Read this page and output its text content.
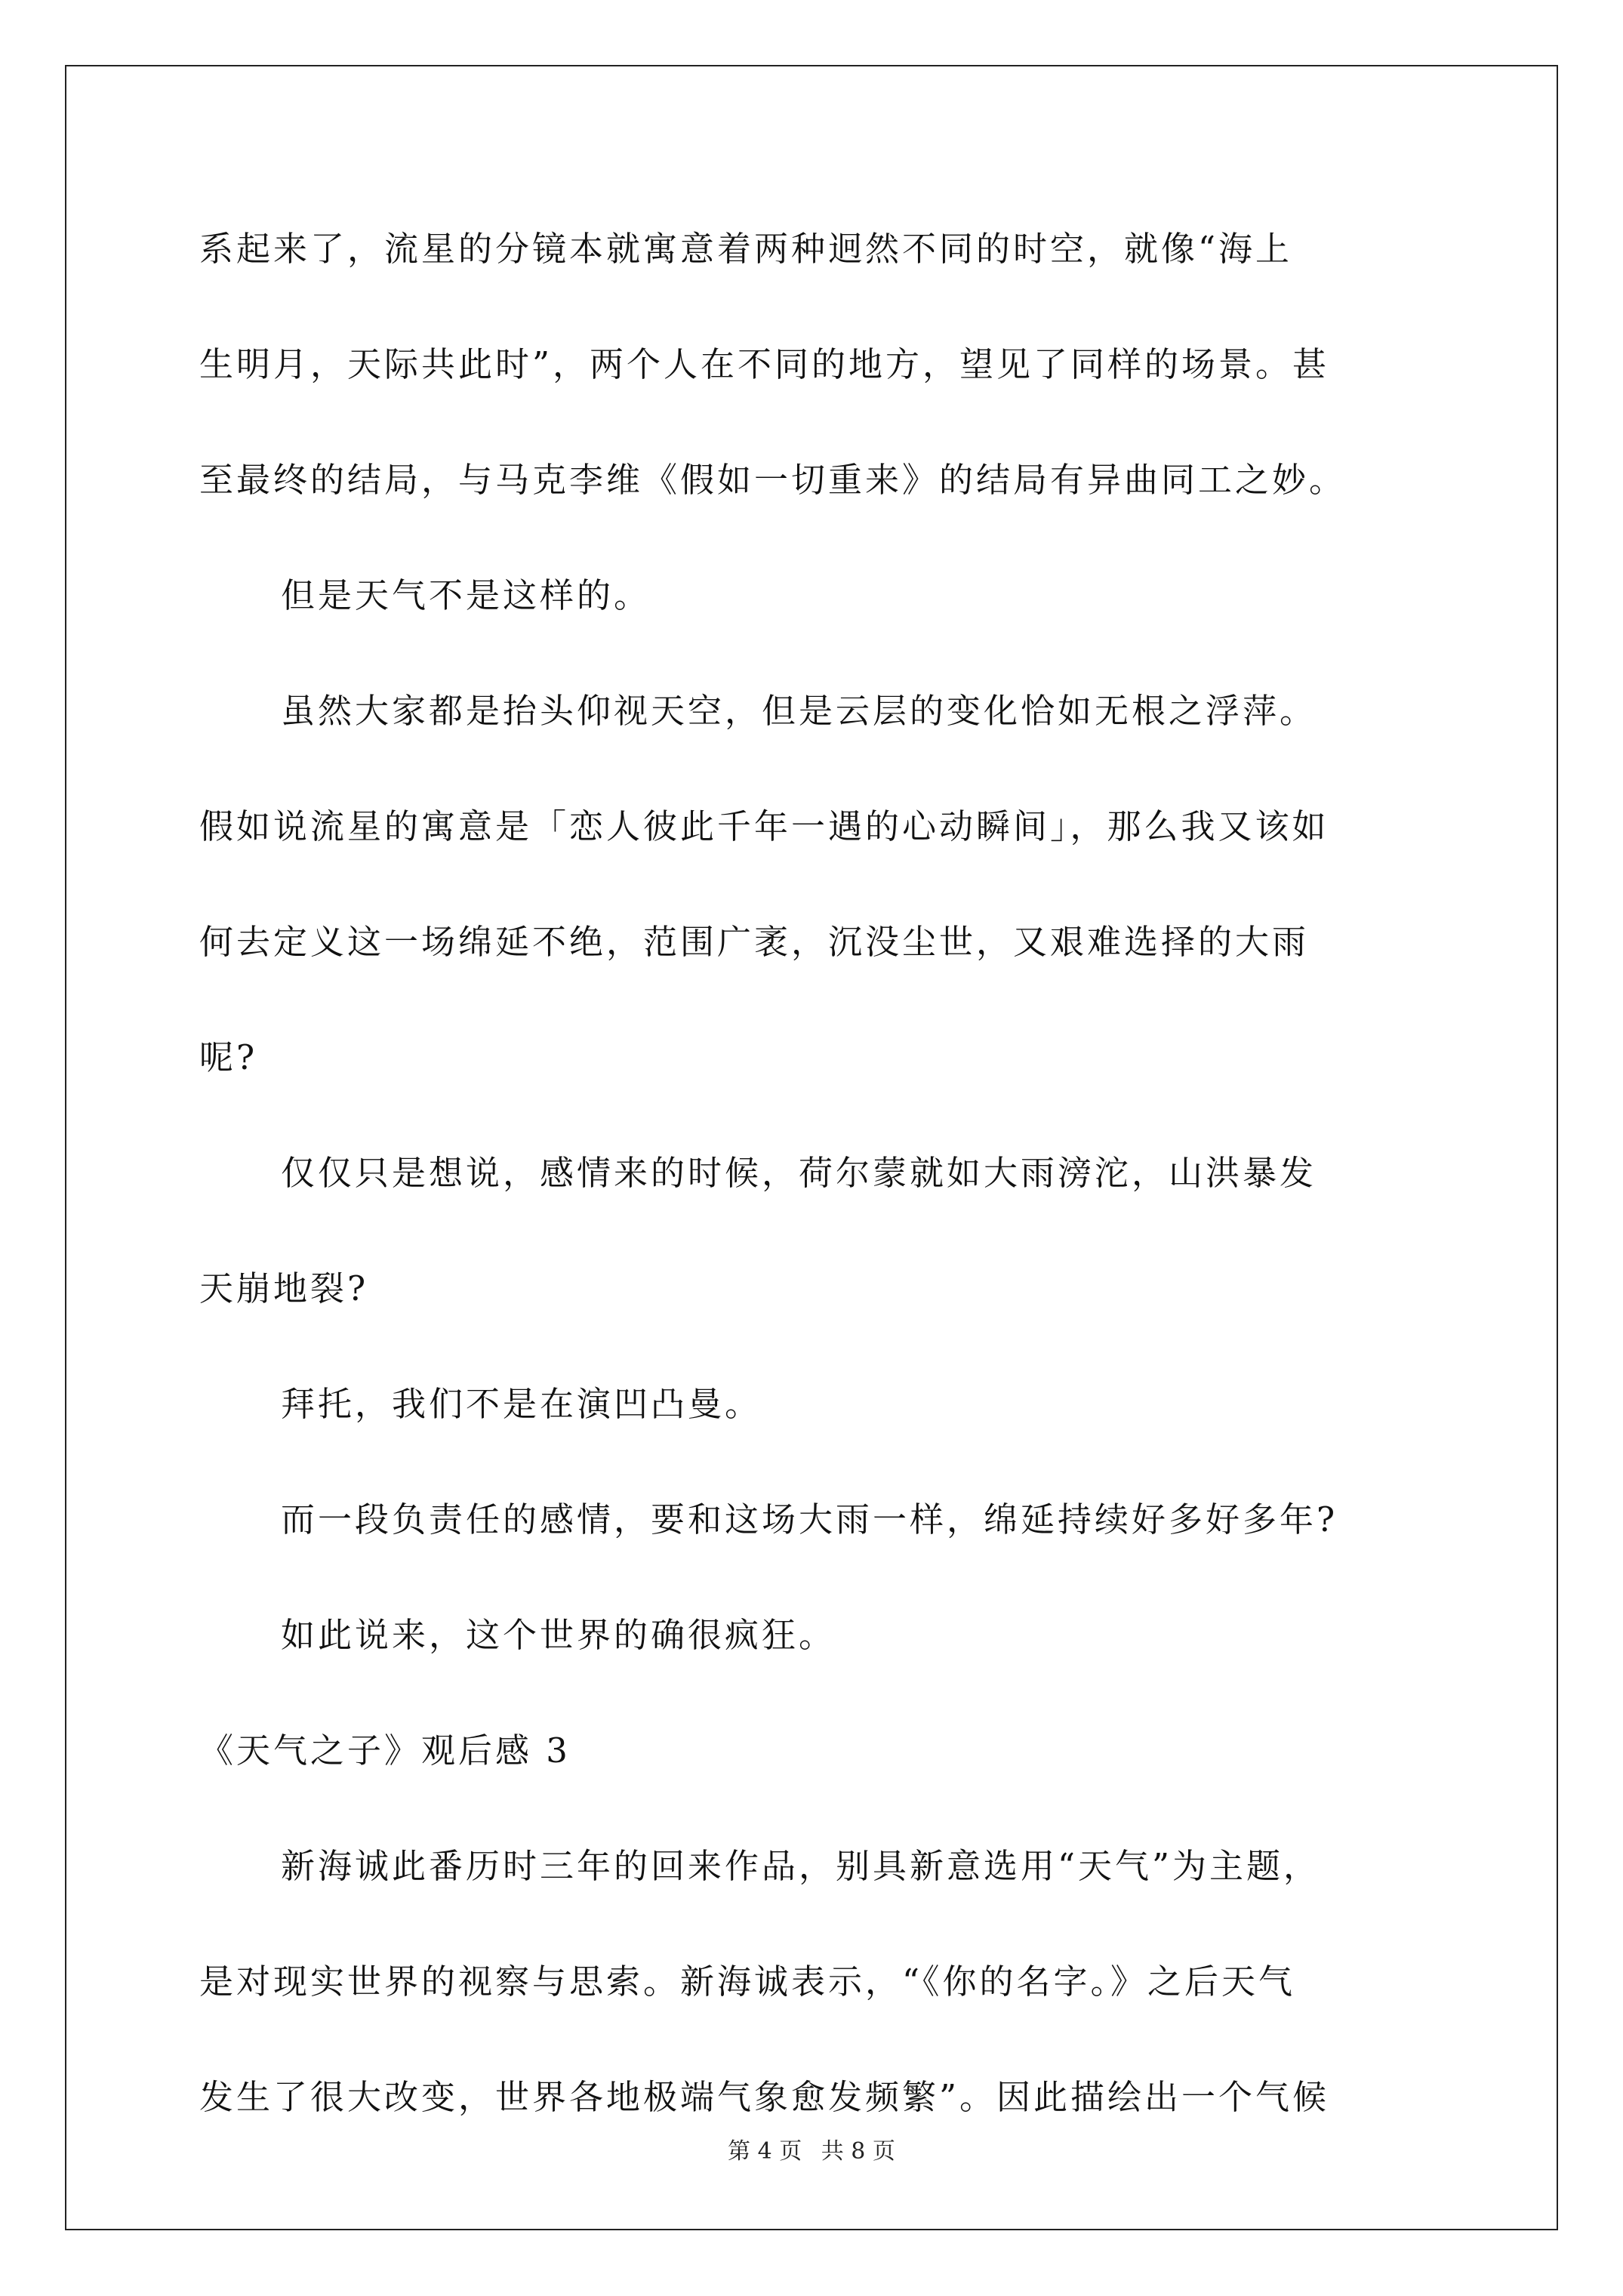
系起来了，流星的分镜本就寓意着两种迥然不同的时空，就像“海上
生明月，天际共此时”，两个人在不同的地方，望见了同样的场景。甚
至最终的结局，与马克李维《假如一切重来》的结局有异曲同工之妙。
但是天气不是这样的。
虽然大家都是抬头仰视天空，但是云层的变化恰如无根之浮萍。
假如说流星的寓意是「恋人彼此千年一遇的心动瞬间」，那么我又该如
何去定义这一场绵延不绝，范围广袤，沉没尘世，又艰难选择的大雨
呢?
仅仅只是想说，感情来的时候，荷尔蒙就如大雨滂沱，山洪暴发
天崩地裂?
拜托，我们不是在演凹凸曼。
而一段负责任的感情，要和这场大雨一样，绵延持续好多好多年?
如此说来，这个世界的确很疯狂。
《天气之子》观后感 3
新海诚此番历时三年的回来作品，别具新意选用“天气”为主题，
是对现实世界的视察与思索。新海诚表示，“《你的名字。》之后天气
发生了很大改变，世界各地极端气象愈发频繁”。因此描绘出一个气候
第 4 页 共 8 页
